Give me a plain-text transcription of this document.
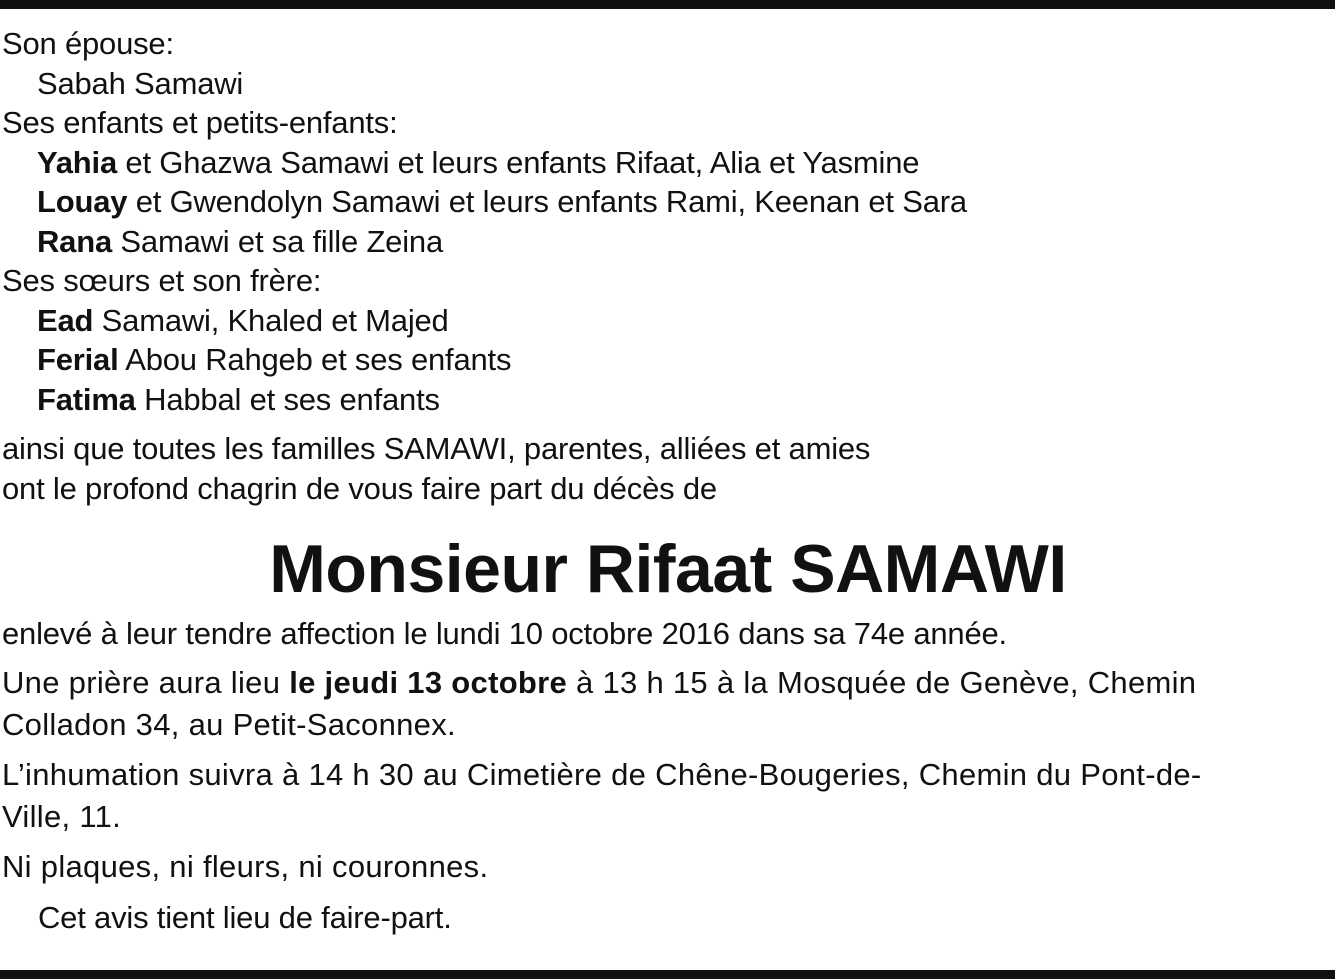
Son épouse:
Sabah Samawi
Ses enfants et petits-enfants:
Yahia et Ghazwa Samawi et leurs enfants Rifaat, Alia et Yasmine
Louay et Gwendolyn Samawi et leurs enfants Rami, Keenan et Sara
Rana Samawi et sa fille Zeina
Ses sœurs et son frère:
Ead Samawi, Khaled et Majed
Ferial Abou Rahgeb et ses enfants
Fatima Habbal et ses enfants
ainsi que toutes les familles SAMAWI, parentes, alliées et amies
ont le profond chagrin de vous faire part du décès de
Monsieur Rifaat SAMAWI
enlevé à leur tendre affection le lundi 10 octobre 2016 dans sa 74e année.
Une prière aura lieu le jeudi 13 octobre à 13 h 15 à la Mosquée de Genève, Chemin
Colladon 34, au Petit-Saconnex.
L’inhumation suivra à 14 h 30 au Cimetière de Chêne-Bougeries, Chemin du Pont-de-
Ville, 11.
Ni plaques, ni fleurs, ni couronnes.
Cet avis tient lieu de faire-part.
